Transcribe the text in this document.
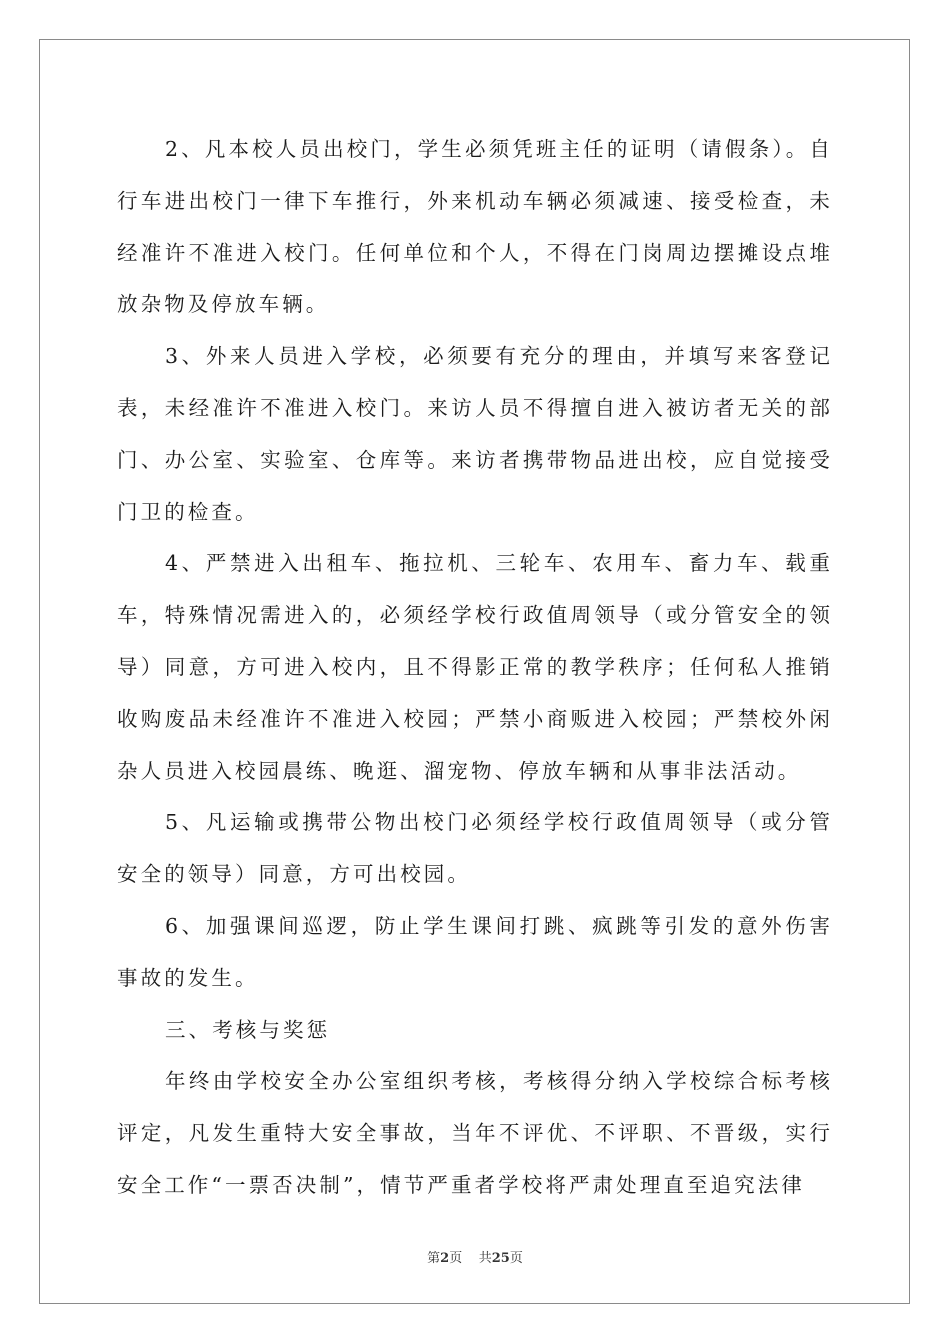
2、凡本校人员出校门，学生必须凭班主任的证明（请假条）。自行车进出校门一律下车推行，外来机动车辆必须减速、接受检查，未经准许不准进入校门。任何单位和个人，不得在门岗周边摆摊设点堆放杂物及停放车辆。

3、外来人员进入学校，必须要有充分的理由，并填写来客登记表，未经准许不准进入校门。来访人员不得擅自进入被访者无关的部门、办公室、实验室、仓库等。来访者携带物品进出校，应自觉接受门卫的检查。

4、严禁进入出租车、拖拉机、三轮车、农用车、畜力车、载重车，特殊情况需进入的，必须经学校行政值周领导（或分管安全的领导）同意，方可进入校内，且不得影正常的教学秩序；任何私人推销收购废品未经准许不准进入校园；严禁小商贩进入校园；严禁校外闲杂人员进入校园晨练、晚逛、溜宠物、停放车辆和从事非法活动。

5、凡运输或携带公物出校门必须经学校行政值周领导（或分管安全的领导）同意，方可出校园。

6、加强课间巡逻，防止学生课间打跳、疯跳等引发的意外伤害事故的发生。

三、考核与奖惩

年终由学校安全办公室组织考核，考核得分纳入学校综合标考核评定，凡发生重特大安全事故，当年不评优、不评职、不晋级，实行安全工作“一票否决制”，情节严重者学校将严肃处理直至追究法律

第2页 共25页
